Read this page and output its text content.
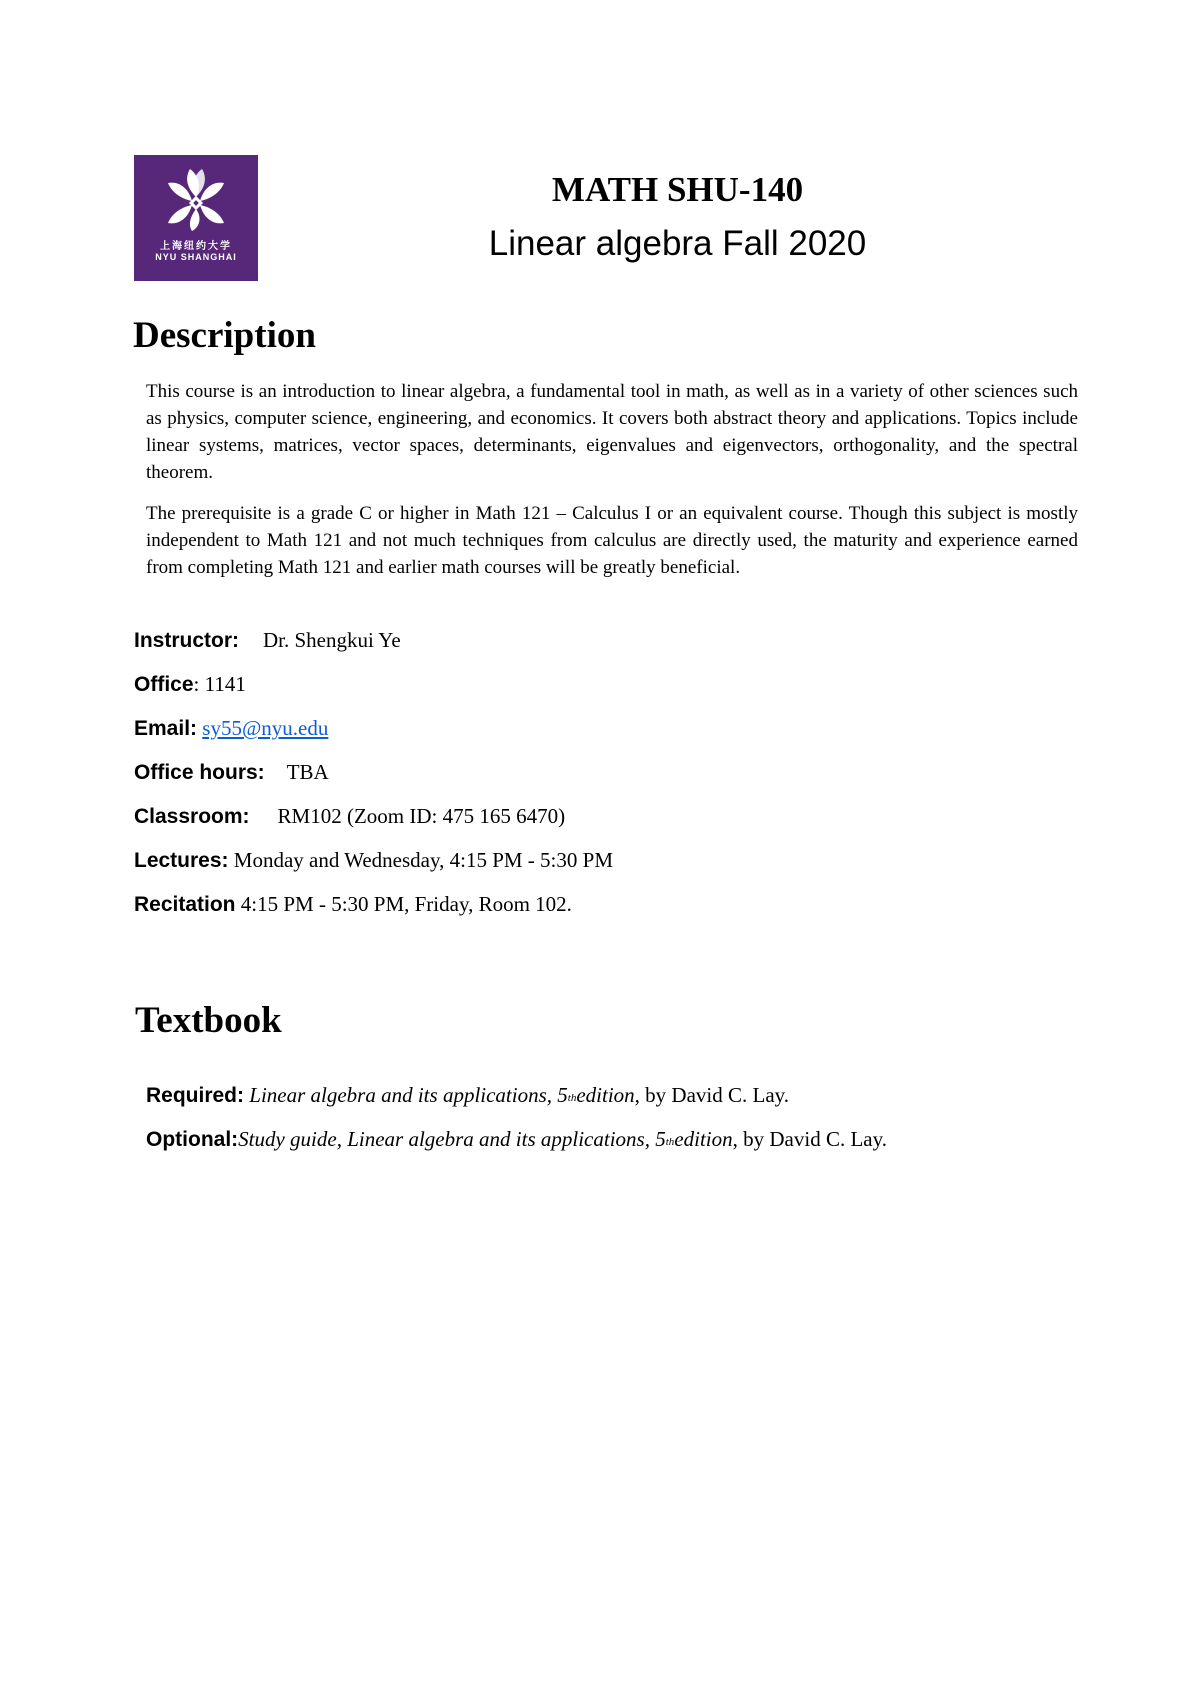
上海纽约大学
NYU SHANGHAI
MATH SHU-140
Linear algebra Fall 2020
Description

This course is an introduction to linear algebra, a fundamental tool in math, as well as in a variety of other sciences such as physics, computer science, engineering, and economics. It covers both abstract theory and applications. Topics include linear systems, matrices, vector spaces, determinants, eigenvalues and eigenvectors, orthogonality, and the spectral theorem.

The prerequisite is a grade C or higher in Math 121 – Calculus I or an equivalent course. Though this subject is mostly independent to Math 121 and not much techniques from calculus are directly used, the maturity and experience earned from completing Math 121 and earlier math courses will be greatly beneficial.

Instructor: Dr. Shengkui Ye
Office: 1141
Email: sy55@nyu.edu
Office hours: TBA
Classroom: RM102 (Zoom ID: 475 165 6470)
Lectures: Monday and Wednesday, 4:15 PM - 5:30 PM
Recitation 4:15 PM - 5:30 PM, Friday, Room 102.
Textbook
Required: Linear algebra and its applications, 5thedition, by David C. Lay.
Optional:Study guide, Linear algebra and its applications, 5thedition, by David C. Lay.
